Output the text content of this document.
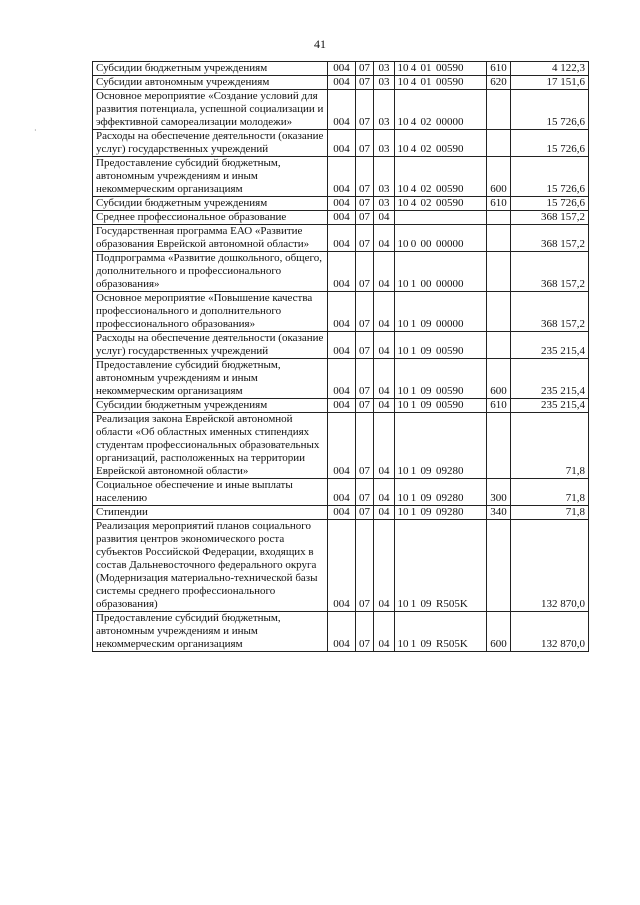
41
·
Субсидии бюджетным учреждениям	004	07	03	10 4 01 00590	610	4 122,3
Субсидии автономным учреждениям	004	07	03	10 4 01 00590	620	17 151,6
Основное мероприятие «Создание условий для развития потенциала, успешной социализации и эффективной самореализации молодежи»	004	07	03	10 4 02 00000		15 726,6
Расходы на обеспечение деятельности (оказание услуг) государственных учреждений	004	07	03	10 4 02 00590		15 726,6
Предоставление субсидий бюджетным, автономным учреждениям и иным некоммерческим организациям	004	07	03	10 4 02 00590	600	15 726,6
Субсидии бюджетным учреждениям	004	07	03	10 4 02 00590	610	15 726,6
Среднее профессиональное образование	004	07	04			368 157,2
Государственная программа ЕАО «Развитие образования Еврейской автономной области»	004	07	04	10 0 00 00000		368 157,2
Подпрограмма «Развитие дошкольного, общего, дополнительного и профессионального образования»	004	07	04	10 1 00 00000		368 157,2
Основное мероприятие «Повышение качества профессионального и дополнительного профессионального образования»	004	07	04	10 1 09 00000		368 157,2
Расходы на обеспечение деятельности (оказание услуг) государственных учреждений	004	07	04	10 1 09 00590		235 215,4
Предоставление субсидий бюджетным, автономным учреждениям и иным некоммерческим организациям	004	07	04	10 1 09 00590	600	235 215,4
Субсидии бюджетным учреждениям	004	07	04	10 1 09 00590	610	235 215,4
Реализация закона Еврейской автономной области «Об областных именных стипендиях студентам профессиональных образовательных организаций, расположенных на территории Еврейской автономной области»	004	07	04	10 1 09 09280		71,8
Социальное обеспечение и иные выплаты населению	004	07	04	10 1 09 09280	300	71,8
Стипендии	004	07	04	10 1 09 09280	340	71,8
Реализация мероприятий планов социального развития центров экономического роста субъектов Российской Федерации, входящих в состав Дальневосточного федерального округа (Модернизация материально-технической базы системы среднего профессионального образования)	004	07	04	10 1 09 R505K		132 870,0
Предоставление субсидий бюджетным, автономным учреждениям и иным некоммерческим организациям	004	07	04	10 1 09 R505K	600	132 870,0
